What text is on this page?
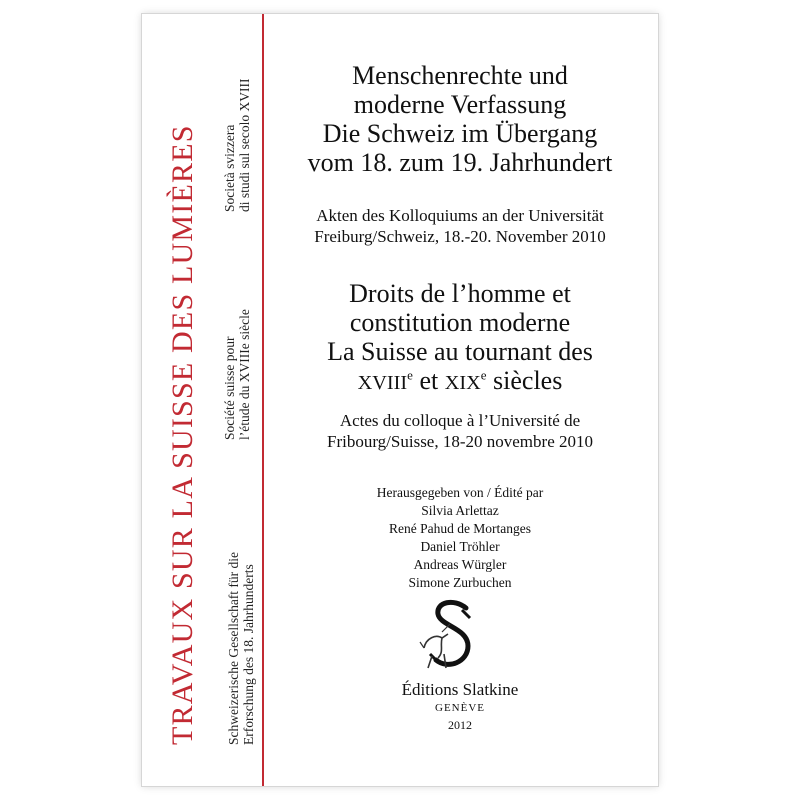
TRAVAUX SUR LA SUISSE DES LUMIÈRES Schweizerische Gesellschaft für die Erforschung des 18. Jahrhunderts
Société suisse pour l’étude du XVIIIe siècle
Società svizzera di studi sul secolo XVIII
Menschenrechte und
moderne Verfassung
Die Schweiz im Übergang
vom 18. zum 19. Jahrhundert
Akten des Kolloquiums an der Universität
Freiburg/Schweiz, 18.-20. November 2010
Droits de l’homme et
constitution moderne
La Suisse au tournant des
XVIIIe et XIXe siècles
Actes du colloque à l’Université de
Fribourg/Suisse, 18-20 novembre 2010
Herausgegeben von / Édité par
Silvia Arlettaz
René Pahud de Mortanges
Daniel Tröhler
Andreas Würgler
Simone Zurbuchen
Éditions Slatkine
GENÈVE
2012
